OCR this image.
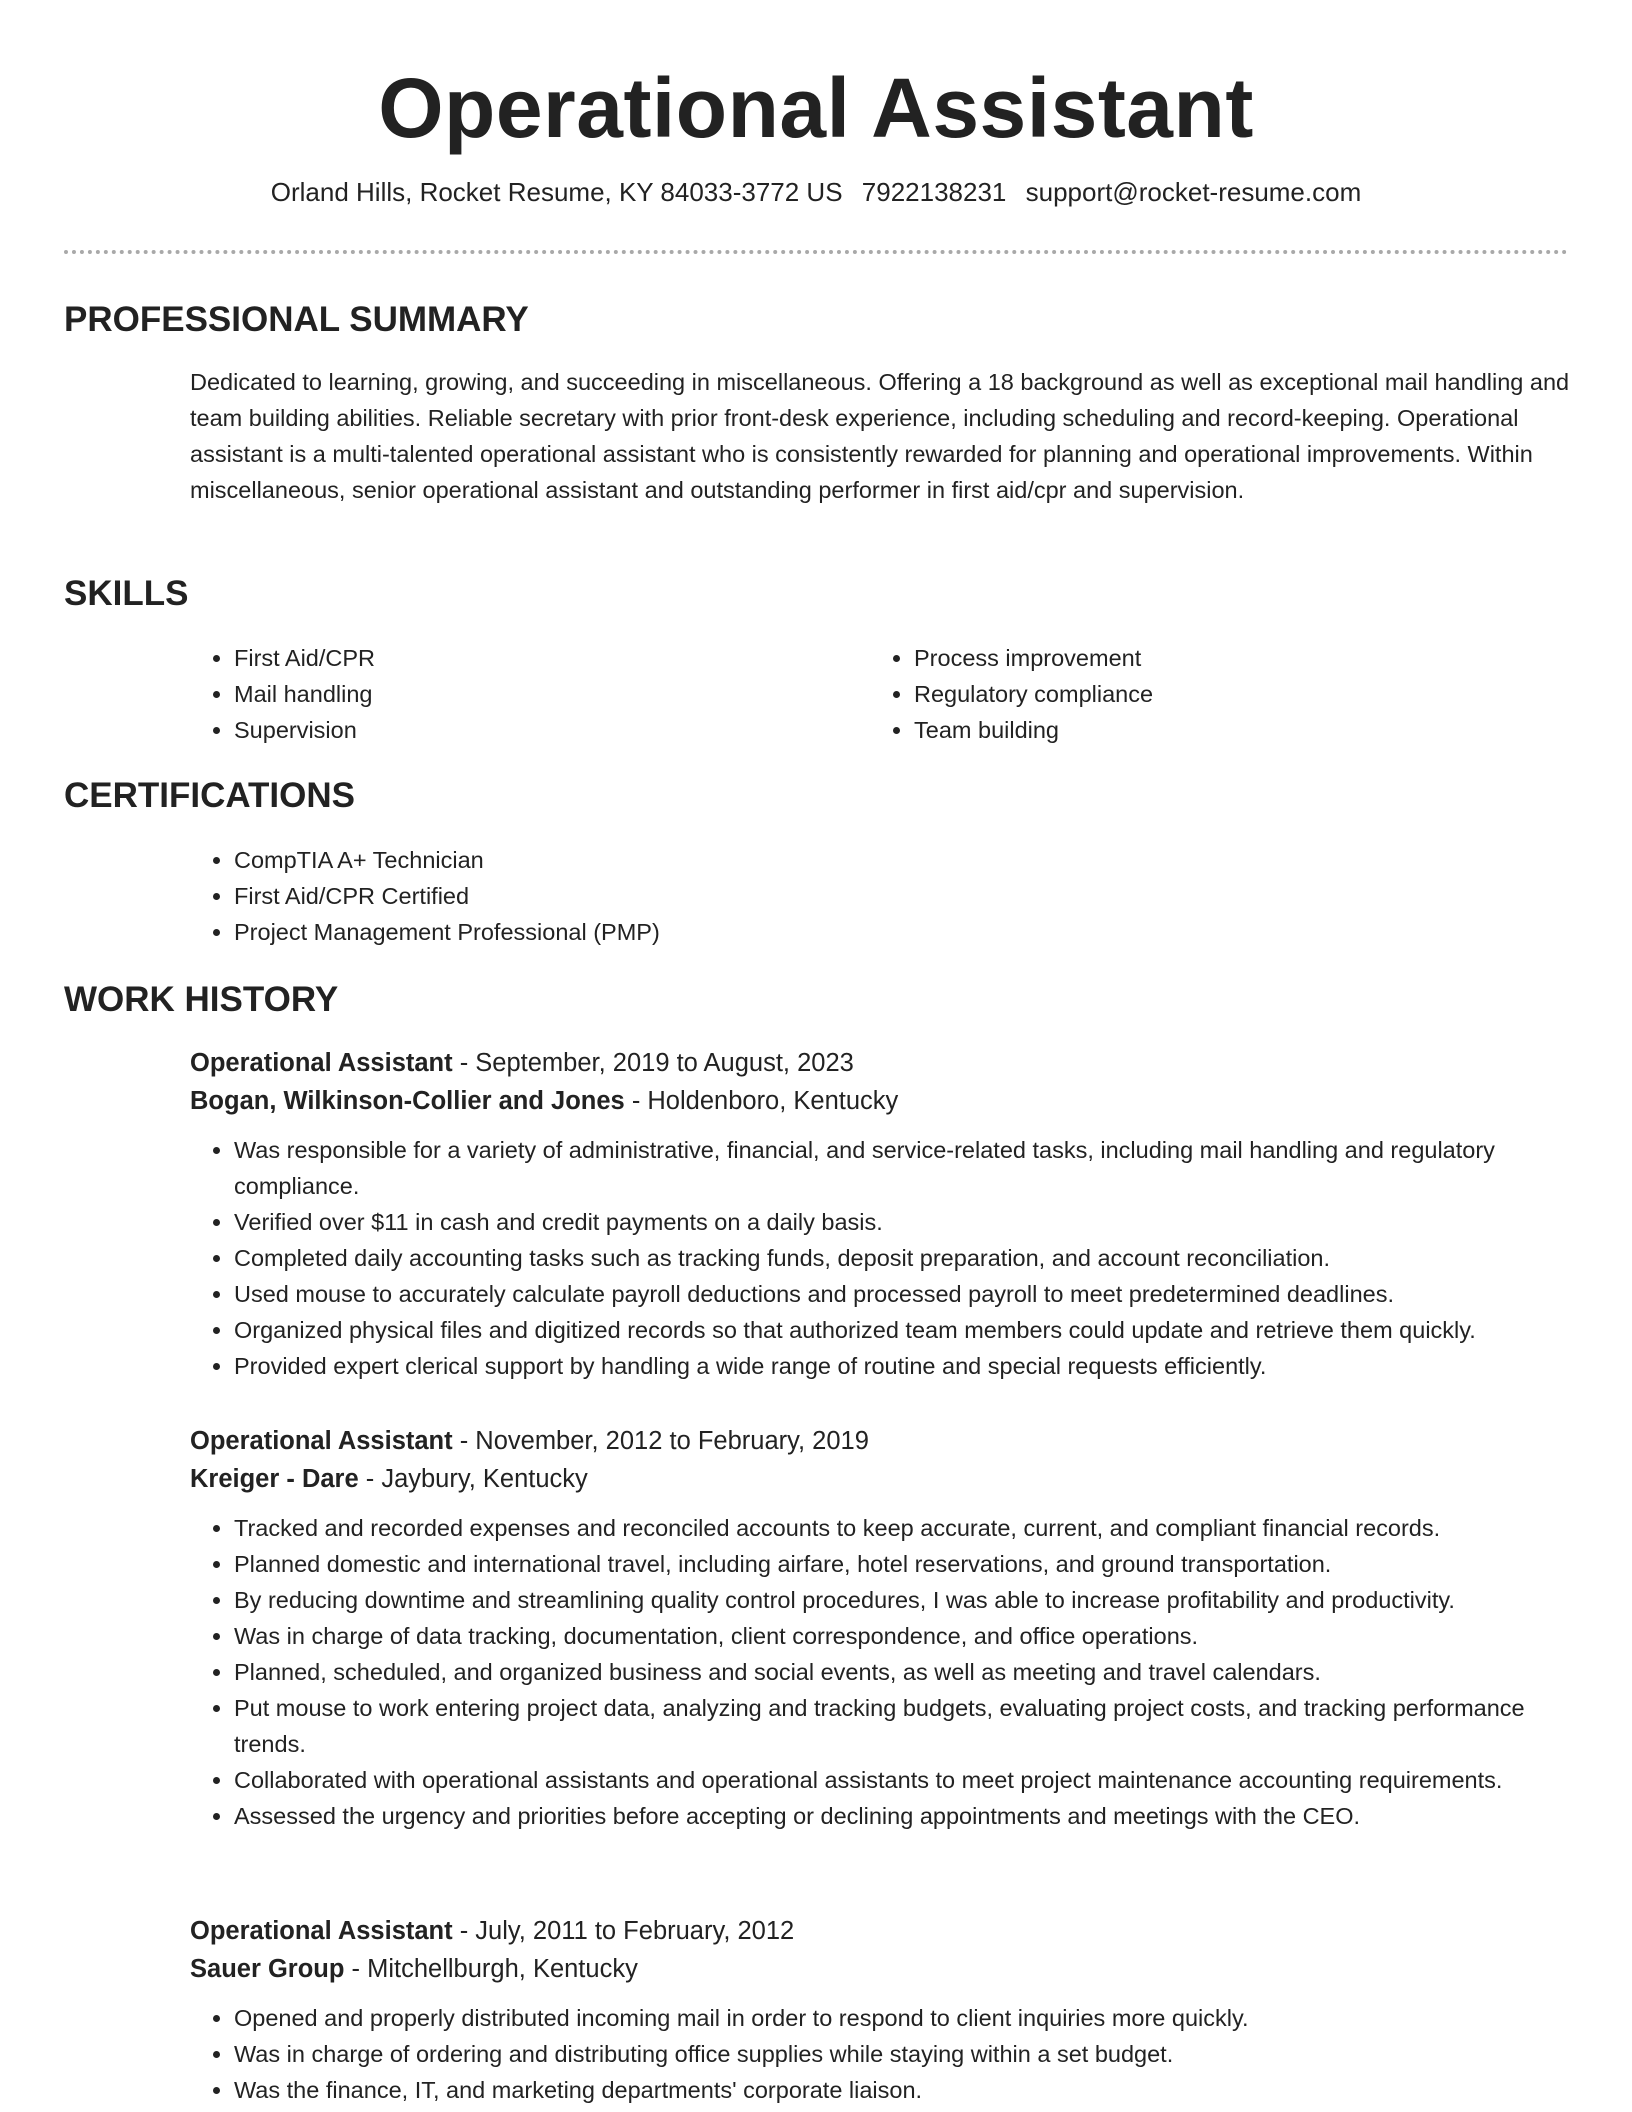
Operational Assistant
Orland Hills, Rocket Resume, KY 84033-3772 US 7922138231 support@rocket-resume.com
PROFESSIONAL SUMMARY
Dedicated to learning, growing, and succeeding in miscellaneous. Offering a 18 background as well as exceptional mail handling and team building abilities. Reliable secretary with prior front-desk experience, including scheduling and record-keeping. Operational assistant is a multi-talented operational assistant who is consistently rewarded for planning and operational improvements. Within miscellaneous, senior operational assistant and outstanding performer in first aid/cpr and supervision.
SKILLS
• First Aid/CPR
• Mail handling
• Supervision
• Process improvement
• Regulatory compliance
• Team building
CERTIFICATIONS
• CompTIA A+ Technician
• First Aid/CPR Certified
• Project Management Professional (PMP)
WORK HISTORY
Operational Assistant - September, 2019 to August, 2023
Bogan, Wilkinson-Collier and Jones - Holdenboro, Kentucky
• Was responsible for a variety of administrative, financial, and service-related tasks, including mail handling and regulatory compliance.
• Verified over $11 in cash and credit payments on a daily basis.
• Completed daily accounting tasks such as tracking funds, deposit preparation, and account reconciliation.
• Used mouse to accurately calculate payroll deductions and processed payroll to meet predetermined deadlines.
• Organized physical files and digitized records so that authorized team members could update and retrieve them quickly.
• Provided expert clerical support by handling a wide range of routine and special requests efficiently.
Operational Assistant - November, 2012 to February, 2019
Kreiger - Dare - Jaybury, Kentucky
• Tracked and recorded expenses and reconciled accounts to keep accurate, current, and compliant financial records.
• Planned domestic and international travel, including airfare, hotel reservations, and ground transportation.
• By reducing downtime and streamlining quality control procedures, I was able to increase profitability and productivity.
• Was in charge of data tracking, documentation, client correspondence, and office operations.
• Planned, scheduled, and organized business and social events, as well as meeting and travel calendars.
• Put mouse to work entering project data, analyzing and tracking budgets, evaluating project costs, and tracking performance trends.
• Collaborated with operational assistants and operational assistants to meet project maintenance accounting requirements.
• Assessed the urgency and priorities before accepting or declining appointments and meetings with the CEO.
Operational Assistant - July, 2011 to February, 2012
Sauer Group - Mitchellburgh, Kentucky
• Opened and properly distributed incoming mail in order to respond to client inquiries more quickly.
• Was in charge of ordering and distributing office supplies while staying within a set budget.
• Was the finance, IT, and marketing departments' corporate liaison.
